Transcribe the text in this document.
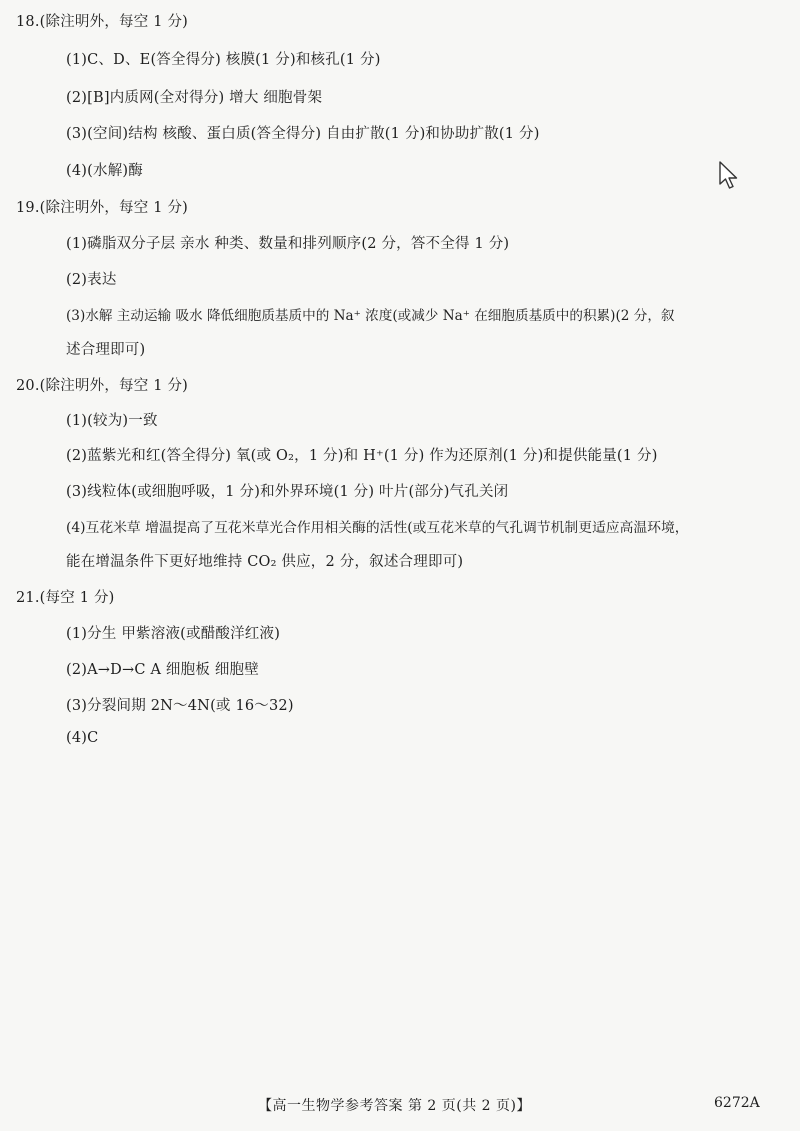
18.(除注明外，每空 1 分)
(1)C、D、E(答全得分) 核膜(1 分)和核孔(1 分)
(2)[B]内质网(全对得分) 增大 细胞骨架
(3)(空间)结构 核酸、蛋白质(答全得分) 自由扩散(1 分)和协助扩散(1 分)
(4)(水解)酶
19.(除注明外，每空 1 分)
(1)磷脂双分子层 亲水 种类、数量和排列顺序(2 分，答不全得 1 分)
(2)表达
(3)水解 主动运输 吸水 降低细胞质基质中的 Na⁺ 浓度(或减少 Na⁺ 在细胞质基质中的积累)(2 分，叙
述合理即可)
20.(除注明外，每空 1 分)
(1)(较为)一致
(2)蓝紫光和红(答全得分) 氧(或 O₂，1 分)和 H⁺(1 分) 作为还原剂(1 分)和提供能量(1 分)
(3)线粒体(或细胞呼吸，1 分)和外界环境(1 分) 叶片(部分)气孔关闭
(4)互花米草 增温提高了互花米草光合作用相关酶的活性(或互花米草的气孔调节机制更适应高温环境，
能在增温条件下更好地维持 CO₂ 供应，2 分，叙述合理即可)
21.(每空 1 分)
(1)分生 甲紫溶液(或醋酸洋红液)
(2)A→D→C A 细胞板 细胞壁
(3)分裂间期 2N～4N(或 16～32)
(4)C
【高一生物学参考答案 第 2 页(共 2 页)】	6272A
